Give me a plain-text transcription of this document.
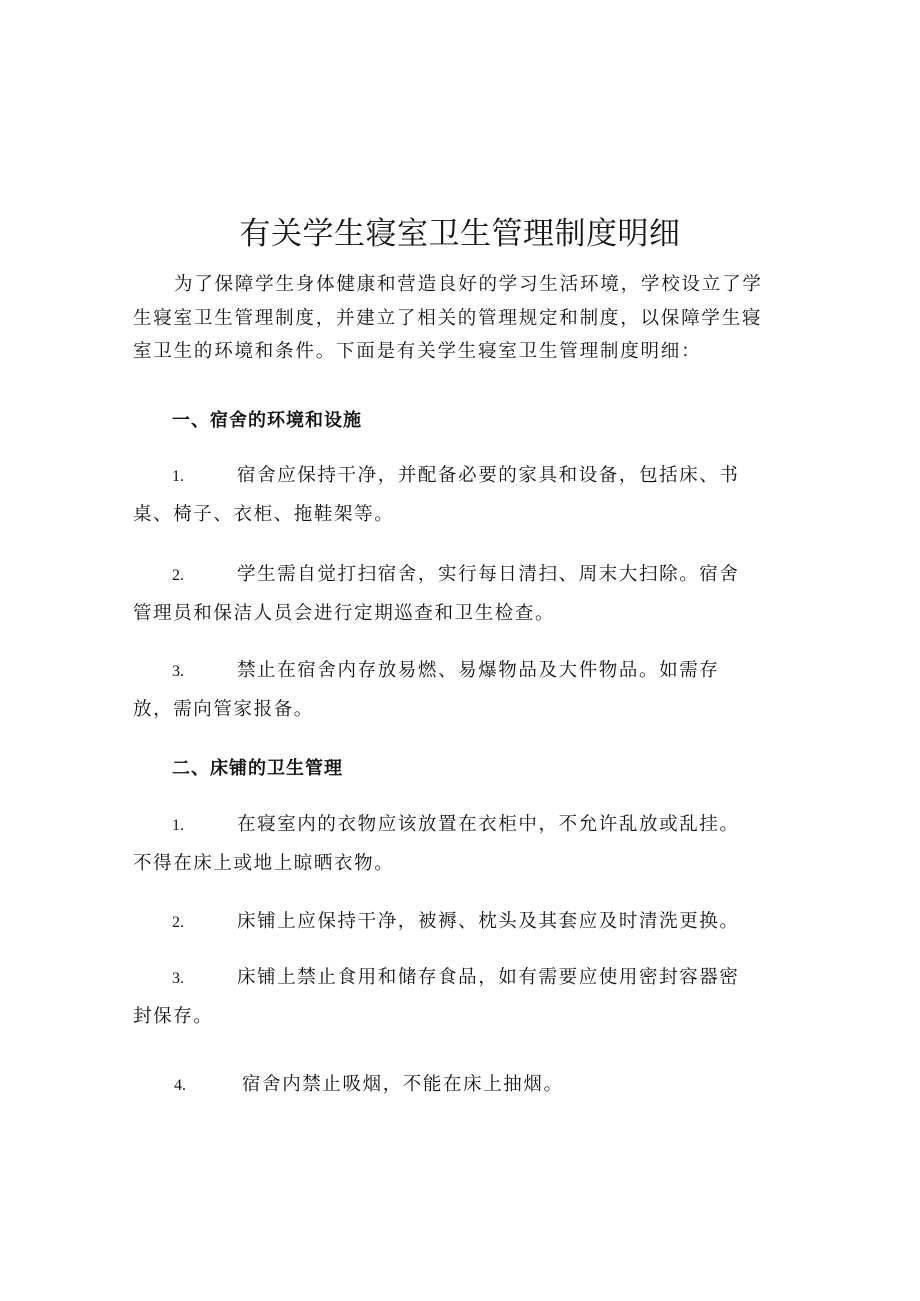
有关学生寝室卫生管理制度明细

为了保障学生身体健康和营造良好的学习生活环境，学校设立了学生寝室卫生管理制度，并建立了相关的管理规定和制度，以保障学生寝室卫生的环境和条件。下面是有关学生寝室卫生管理制度明细：

一、宿舍的环境和设施

1.	宿舍应保持干净，并配备必要的家具和设备，包括床、书桌、椅子、衣柜、拖鞋架等。

2.	学生需自觉打扫宿舍，实行每日清扫、周末大扫除。宿舍管理员和保洁人员会进行定期巡查和卫生检查。

3.	禁止在宿舍内存放易燃、易爆物品及大件物品。如需存放，需向管家报备。

二、床铺的卫生管理

1.	在寝室内的衣物应该放置在衣柜中，不允许乱放或乱挂。不得在床上或地上晾晒衣物。

2.	床铺上应保持干净，被褥、枕头及其套应及时清洗更换。

3.	床铺上禁止食用和储存食品，如有需要应使用密封容器密封保存。

4.	宿舍内禁止吸烟，不能在床上抽烟。
